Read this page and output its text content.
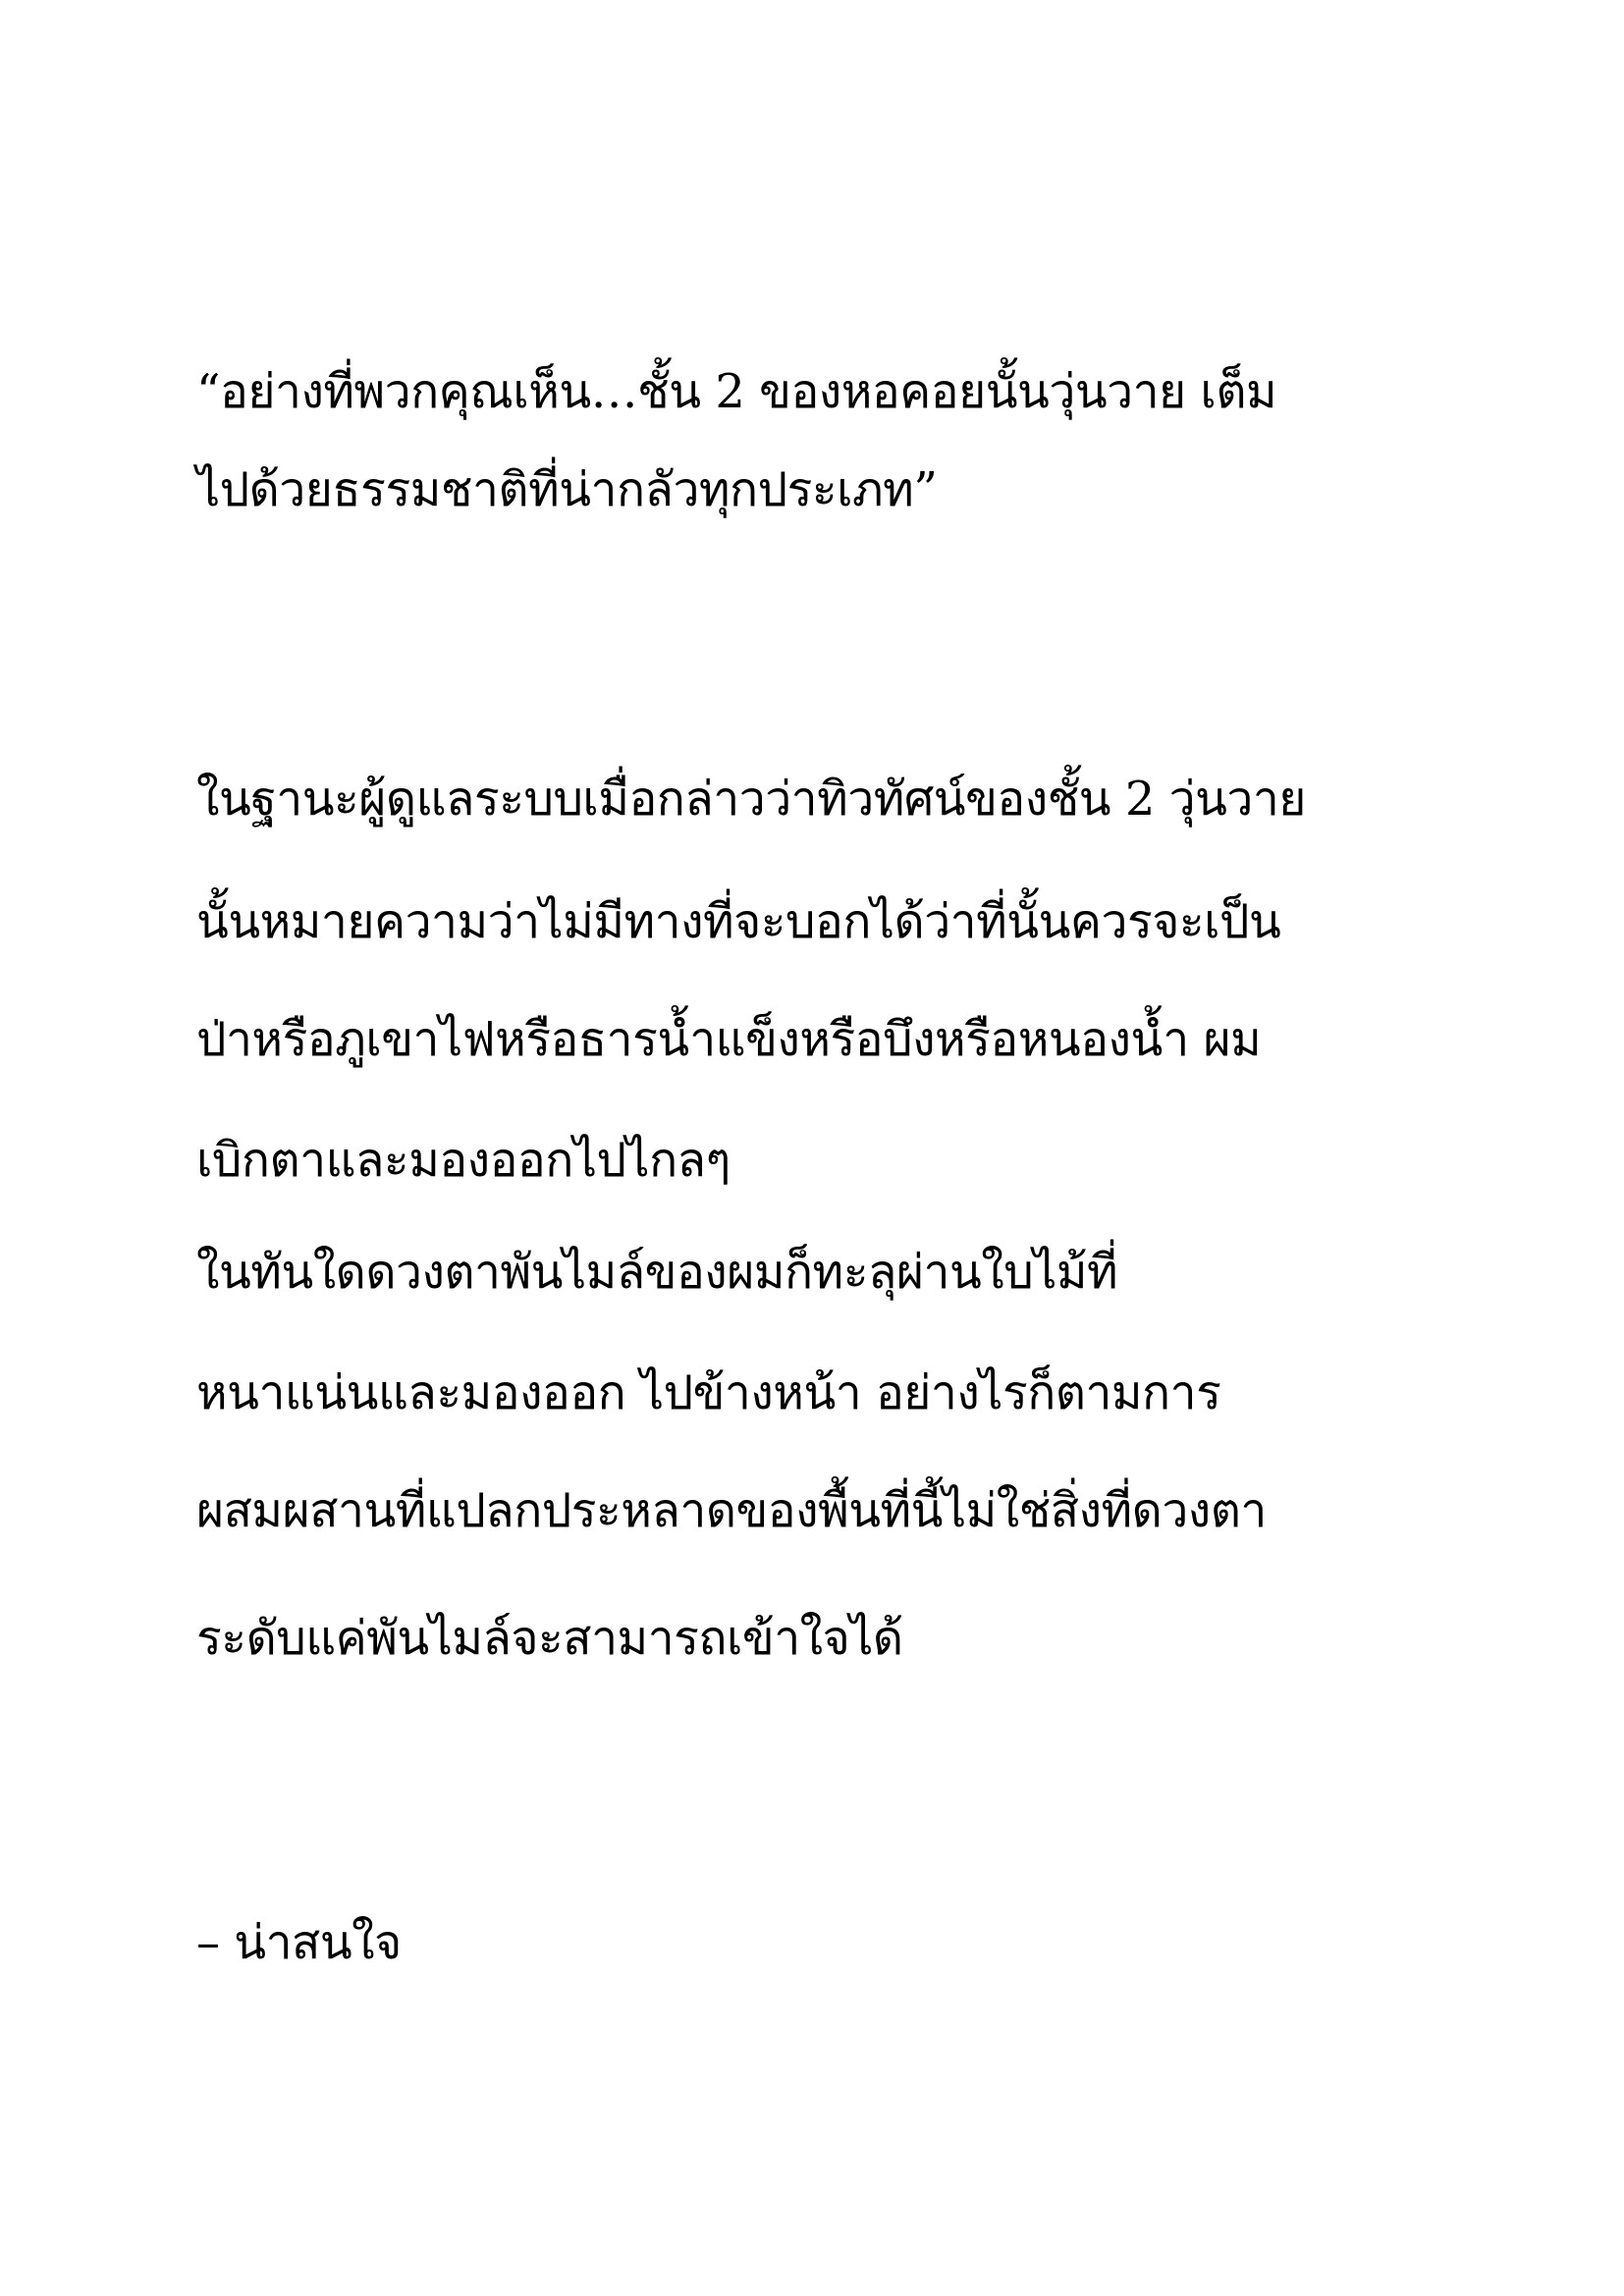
“อย่างที่พวกคุณเห็น…ชั้น 2 ของหอคอยนั้นวุ่นวาย เต็ม
ไปด้วยธรรมชาติที่น่ากลัวทุกประเภท”
ในฐานะผู้ดูแลระบบเมื่อกล่าวว่าทิวทัศน์ของชั้น 2 วุ่นวาย
นั้นหมายความว่าไม่มีทางที่จะบอกได้ว่าที่นั้นควรจะเป็น
ป่าหรือภูเขาไฟหรือธารน้ำแข็งหรือบึงหรือหนองน้ำ ผม
เบิกตาและมองออกไปไกลๆ
ในทันใดดวงตาพันไมล์ของผมก็ทะลุผ่านใบไม้ที่
หนาแน่นและมองออก ไปข้างหน้า อย่างไรก็ตามการ
ผสมผสานที่แปลกประหลาดของพื้นที่นี้ไม่ใช่สิ่งที่ดวงตา
ระดับแค่พันไมล์จะสามารถเข้าใจได้
– น่าสนใจ
